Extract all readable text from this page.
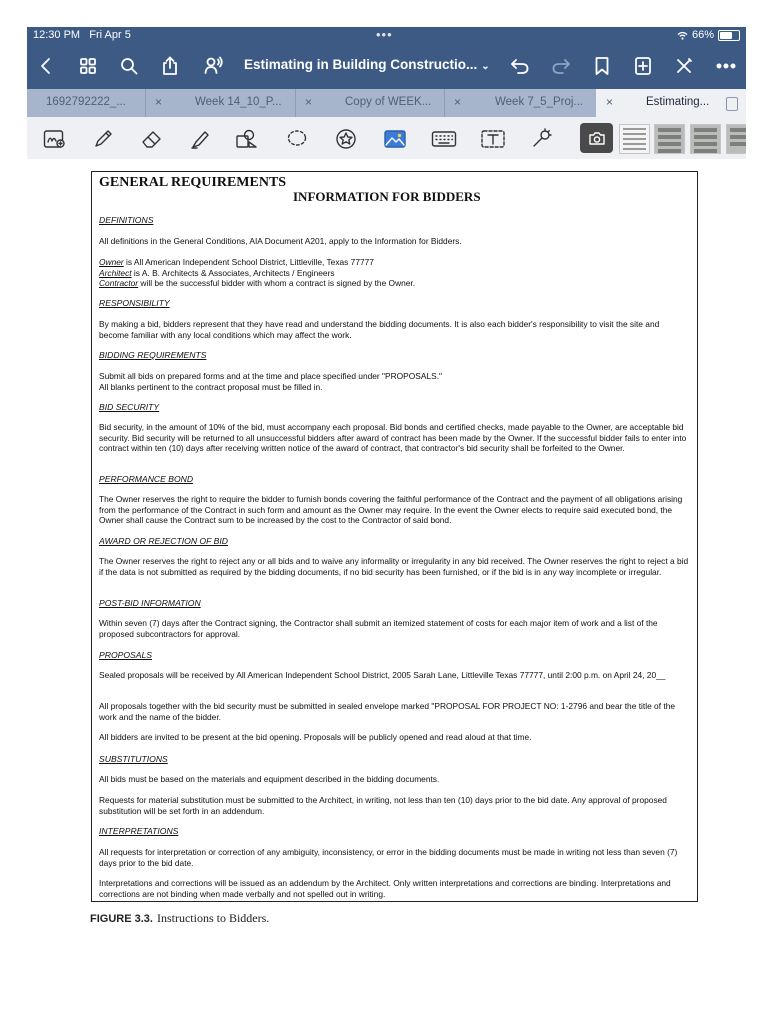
12:30 PM Fri Apr 5	•••	66%
Estimating in Building Constructio... ⌄
1692792222_... ×	Week 14_10_P... ×	Copy of WEEK... ×	Week 7_5_Proj... ×	Estimating...
GENERAL REQUIREMENTS
INFORMATION FOR BIDDERS
DEFINITIONS
All definitions in the General Conditions, AIA Document A201, apply to the Information for Bidders.
Owner is All American Independent School District, Littleville, Texas 77777
Architect is A. B. Architects & Associates, Architects / Engineers
Contractor will be the successful bidder with whom a contract is signed by the Owner.
RESPONSIBILITY
By making a bid, bidders represent that they have read and understand the bidding documents. It is also each bidder's responsibility to visit the site and become familiar with any local conditions which may affect the work.
BIDDING REQUIREMENTS
Submit all bids on prepared forms and at the time and place specified under "PROPOSALS."
All blanks pertinent to the contract proposal must be filled in.
BID SECURITY
Bid security, in the amount of 10% of the bid, must accompany each proposal. Bid bonds and certified checks, made payable to the Owner, are acceptable bid security. Bid security will be returned to all unsuccessful bidders after award of contract has been made by the Owner. If the successful bidder fails to enter into contract within ten (10) days after receiving written notice of the award of contract, that contractor's bid security shall be forfeited to the Owner.
PERFORMANCE BOND
The Owner reserves the right to require the bidder to furnish bonds covering the faithful performance of the Contract and the payment of all obligations arising from the performance of the Contract in such form and amount as the Owner may require. In the event the Owner elects to require said executed bond, the Owner shall cause the Contract sum to be increased by the cost to the Contractor of said bond.
AWARD OR REJECTION OF BID
The Owner reserves the right to reject any or all bids and to waive any informality or irregularity in any bid received. The Owner reserves the right to reject a bid if the data is not submitted as required by the bidding documents, if no bid security has been furnished, or if the bid is in any way incomplete or irregular.
POST-BID INFORMATION
Within seven (7) days after the Contract signing, the Contractor shall submit an itemized statement of costs for each major item of work and a list of the proposed subcontractors for approval.
PROPOSALS
Sealed proposals will be received by All American Independent School District, 2005 Sarah Lane, Littleville Texas 77777, until 2:00 p.m. on April 24, 20__
All proposals together with the bid security must be submitted in sealed envelope marked "PROPOSAL FOR PROJECT NO: 1-2796 and bear the title of the work and the name of the bidder.
All bidders are invited to be present at the bid opening. Proposals will be publicly opened and read aloud at that time.
SUBSTITUTIONS
All bids must be based on the materials and equipment described in the bidding documents.
Requests for material substitution must be submitted to the Architect, in writing, not less than ten (10) days prior to the bid date. Any approval of proposed substitution will be set forth in an addendum.
INTERPRETATIONS
All requests for interpretation or correction of any ambiguity, inconsistency, or error in the bidding documents must be made in writing not less than seven (7) days prior to the bid date.
Interpretations and corrections will be issued as an addendum by the Architect. Only written interpretations and corrections are binding. Interpretations and corrections are not binding when made verbally and not spelled out in writing.
FIGURE 3.3. Instructions to Bidders.
